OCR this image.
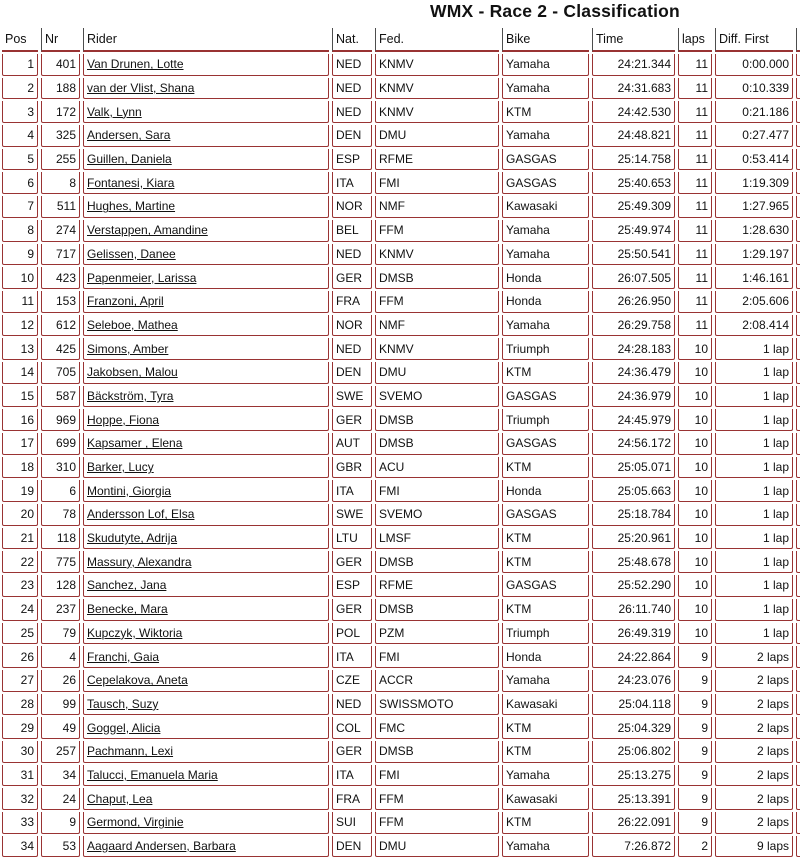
WMX - Race 2 - Classification
Pos	Nr	Rider	Nat.	Fed.	Bike	Time	laps	Diff. First
1	401 Van Drunen, Lotte	NED	KNMV	Yamaha	24:21.344	11	0:00.000
2	188 van der Vlist, Shana	NED	KNMV	Yamaha	24:31.683	11	0:10.339
3	172 Valk, Lynn	NED	KNMV	KTM	24:42.530	11	0:21.186
4	325 Andersen, Sara	DEN	DMU	Yamaha	24:48.821	11	0:27.477
5	255 Guillen, Daniela	ESP	RFME	GASGAS	25:14.758	11	0:53.414
6	8 Fontanesi, Kiara	ITA	FMI	GASGAS	25:40.653	11	1:19.309
7	511 Hughes, Martine	NOR	NMF	Kawasaki	25:49.309	11	1:27.965
8	274 Verstappen, Amandine	BEL	FFM	Yamaha	25:49.974	11	1:28.630
9	717 Gelissen, Danee	NED	KNMV	Yamaha	25:50.541	11	1:29.197
10	423 Papenmeier, Larissa	GER	DMSB	Honda	26:07.505	11	1:46.161
11	153 Franzoni, April	FRA	FFM	Honda	26:26.950	11	2:05.606
12	612 Seleboe, Mathea	NOR	NMF	Yamaha	26:29.758	11	2:08.414
13	425 Simons, Amber	NED	KNMV	Triumph	24:28.183	10	1 lap
14	705 Jakobsen, Malou	DEN	DMU	KTM	24:36.479	10	1 lap
15	587 Bäckström, Tyra	SWE	SVEMO	GASGAS	24:36.979	10	1 lap
16	969 Hoppe, Fiona	GER	DMSB	Triumph	24:45.979	10	1 lap
17	699 Kapsamer , Elena	AUT	DMSB	GASGAS	24:56.172	10	1 lap
18	310 Barker, Lucy	GBR	ACU	KTM	25:05.071	10	1 lap
19	6 Montini, Giorgia	ITA	FMI	Honda	25:05.663	10	1 lap
20	78 Andersson Lof, Elsa	SWE	SVEMO	GASGAS	25:18.784	10	1 lap
21	118 Skudutyte, Adrija	LTU	LMSF	KTM	25:20.961	10	1 lap
22	775 Massury, Alexandra	GER	DMSB	KTM	25:48.678	10	1 lap
23	128 Sanchez, Jana	ESP	RFME	GASGAS	25:52.290	10	1 lap
24	237 Benecke, Mara	GER	DMSB	KTM	26:11.740	10	1 lap
25	79 Kupczyk, Wiktoria	POL	PZM	Triumph	26:49.319	10	1 lap
26	4 Franchi, Gaia	ITA	FMI	Honda	24:22.864	9	2 laps
27	26 Cepelakova, Aneta	CZE	ACCR	Yamaha	24:23.076	9	2 laps
28	99 Tausch, Suzy	NED	SWISSMOTO	Kawasaki	25:04.118	9	2 laps
29	49 Goggel, Alicia	COL	FMC	KTM	25:04.329	9	2 laps
30	257 Pachmann, Lexi	GER	DMSB	KTM	25:06.802	9	2 laps
31	34 Talucci, Emanuela Maria	ITA	FMI	Yamaha	25:13.275	9	2 laps
32	24 Chaput, Lea	FRA	FFM	Kawasaki	25:13.391	9	2 laps
33	9 Germond, Virginie	SUI	FFM	KTM	26:22.091	9	2 laps
34	53 Aagaard Andersen, Barbara	DEN	DMU	Yamaha	7:26.872	2	9 laps
